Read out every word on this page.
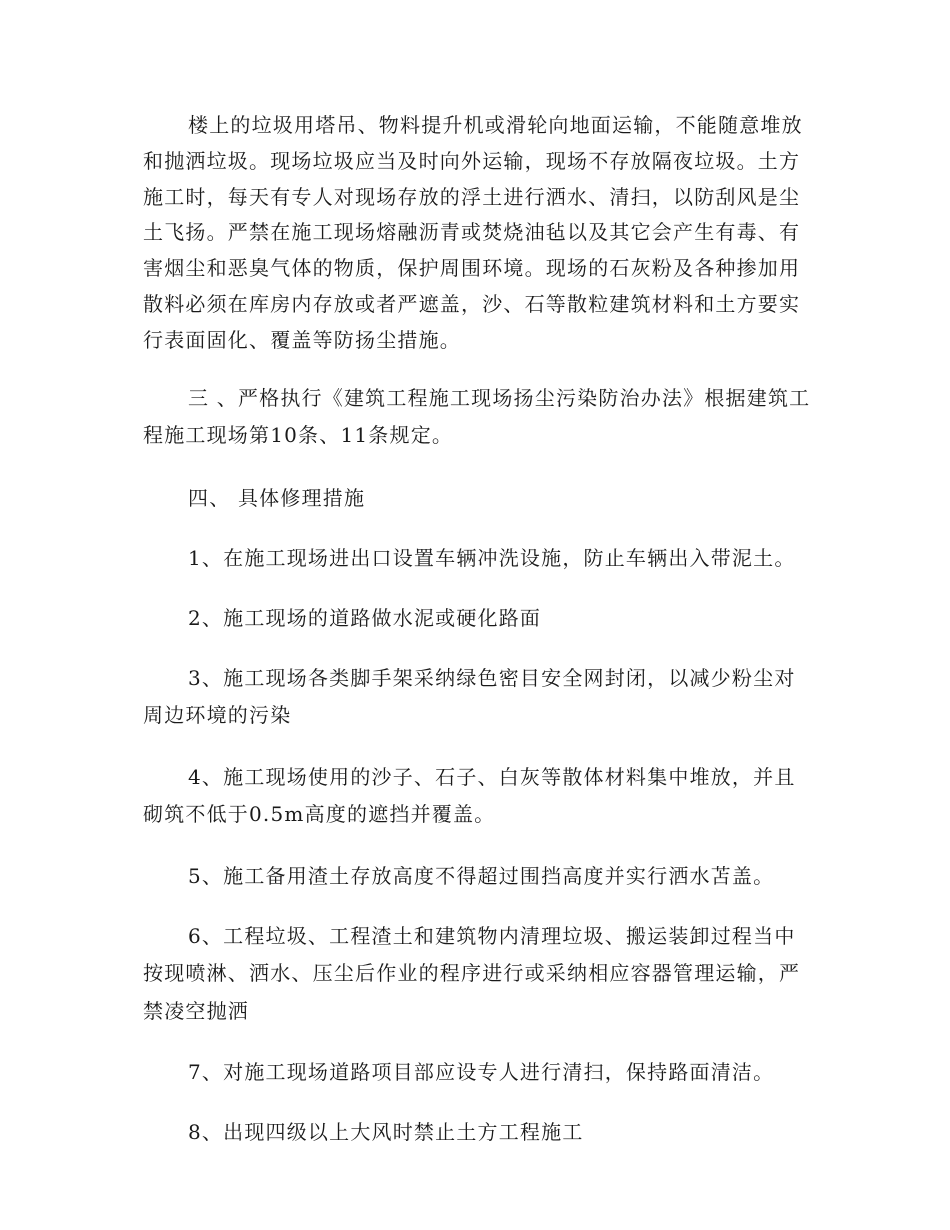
楼上的垃圾用塔吊、物料提升机或滑轮向地面运输，不能随意堆放和抛洒垃圾。现场垃圾应当及时向外运输，现场不存放隔夜垃圾。土方施工时，每天有专人对现场存放的浮土进行洒水、清扫，以防刮风是尘土飞扬。严禁在施工现场熔融沥青或焚烧油毡以及其它会产生有毒、有害烟尘和恶臭气体的物质，保护周围环境。现场的石灰粉及各种掺加用散料必须在库房内存放或者严遮盖，沙、石等散粒建筑材料和土方要实行表面固化、覆盖等防扬尘措施。

三 、严格执行《建筑工程施工现场扬尘污染防治办法》根据建筑工程施工现场第10条、11条规定。

四、 具体修理措施

1、在施工现场进出口设置车辆冲洗设施，防止车辆出入带泥土。

2、施工现场的道路做水泥或硬化路面

3、施工现场各类脚手架采纳绿色密目安全网封闭，以减少粉尘对周边环境的污染

4、施工现场使用的沙子、石子、白灰等散体材料集中堆放，并且砌筑不低于0.5m高度的遮挡并覆盖。

5、施工备用渣土存放高度不得超过围挡高度并实行洒水苫盖。

6、工程垃圾、工程渣土和建筑物内清理垃圾、搬运装卸过程当中按现喷淋、洒水、压尘后作业的程序进行或采纳相应容器管理运输，严禁凌空抛洒

7、对施工现场道路项目部应设专人进行清扫，保持路面清洁。

8、出现四级以上大风时禁止土方工程施工
